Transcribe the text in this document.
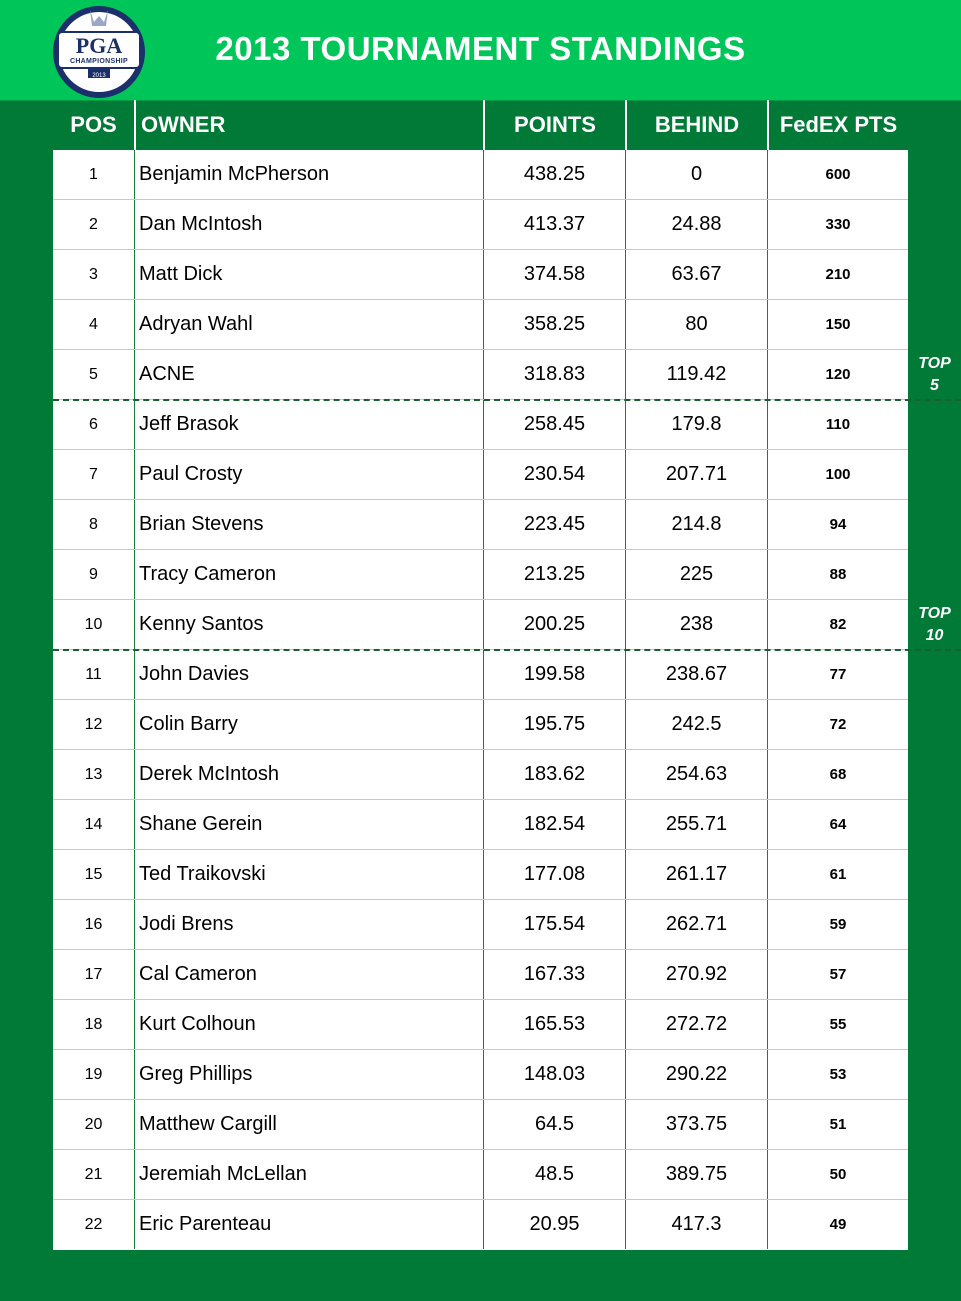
PGA
CHAMPIONSHIP
2013
2013 TOURNAMENT STANDINGS
POS	OWNER	POINTS	BEHIND	FedEX PTS
1	Benjamin McPherson	438.25	0	600
2	Dan McIntosh	413.37	24.88	330
3	Matt Dick	374.58	63.67	210
4	Adryan Wahl	358.25	80	150
5	ACNE	318.83	119.42	120
6	Jeff Brasok	258.45	179.8	110
7	Paul Crosty	230.54	207.71	100
8	Brian Stevens	223.45	214.8	94
9	Tracy Cameron	213.25	225	88
10	Kenny Santos	200.25	238	82
11	John Davies	199.58	238.67	77
12	Colin Barry	195.75	242.5	72
13	Derek McIntosh	183.62	254.63	68
14	Shane Gerein	182.54	255.71	64
15	Ted Traikovski	177.08	261.17	61
16	Jodi Brens	175.54	262.71	59
17	Cal Cameron	167.33	270.92	57
18	Kurt Colhoun	165.53	272.72	55
19	Greg Phillips	148.03	290.22	53
20	Matthew Cargill	64.5	373.75	51
21	Jeremiah McLellan	48.5	389.75	50
22	Eric Parenteau	20.95	417.3	49
TOP
5
TOP
10
